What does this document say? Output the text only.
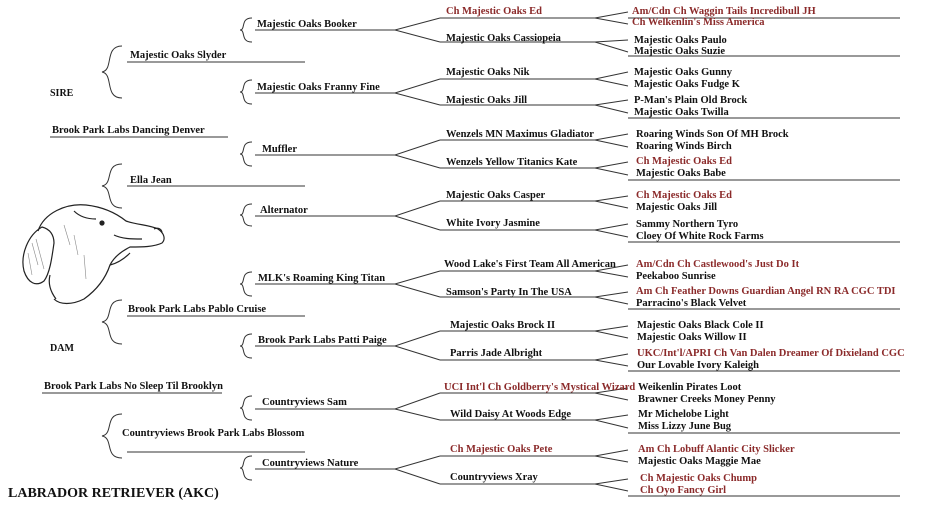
SIRE
DAM
Brook Park Labs Dancing Denver
Brook Park Labs No Sleep Til Brooklyn
Majestic Oaks Slyder
Ella Jean
Brook Park Labs Pablo Cruise
Countryviews Brook Park Labs Blossom
Majestic Oaks Booker
Majestic Oaks Franny Fine
Muffler
Alternator
MLK's Roaming King Titan
Brook Park Labs Patti Paige
Countryviews Sam
Countryviews Nature
Ch Majestic Oaks Ed
Majestic Oaks Cassiopeia
Majestic Oaks Nik
Majestic Oaks Jill
Wenzels MN Maximus Gladiator
Wenzels Yellow Titanics Kate
Majestic Oaks Casper
White Ivory Jasmine
Wood Lake's First Team All American
Samson's Party In The USA
Majestic Oaks Brock II
Parris Jade Albright
UCI Int'l Ch Goldberry's Mystical Wizard
Wild Daisy At Woods Edge
Ch Majestic Oaks Pete
Countryviews Xray
Am/Cdn Ch Waggin Tails Incredibull JH
Ch Welkenlin's Miss America
Majestic Oaks Paulo
Majestic Oaks Suzie
Majestic Oaks Gunny
Majestic Oaks Fudge K
P-Man's Plain Old Brock
Majestic Oaks Twilla
Roaring Winds Son Of MH Brock
Roaring Winds Birch
Ch Majestic Oaks Ed
Majestic Oaks Babe
Ch Majestic Oaks Ed
Majestic Oaks Jill
Sammy Northern Tyro
Cloey Of White Rock Farms
Am/Cdn Ch Castlewood's Just Do It
Peekaboo Sunrise
Am Ch Feather Downs Guardian Angel RN RA CGC TDI
Parracino's Black Velvet
Majestic Oaks Black Cole II
Majestic Oaks Willow II
UKC/Int'l/APRI Ch Van Dalen Dreamer Of Dixieland CGC
Our Lovable Ivory Kaleigh
Weikenlin Pirates Loot
Brawner Creeks Money Penny
Mr Michelobe Light
Miss Lizzy June Bug
Am Ch Lobuff Alantic City Slicker
Majestic Oaks Maggie Mae
Ch Majestic Oaks Chump
Ch Oyo Fancy Girl
LABRADOR RETRIEVER (AKC)
